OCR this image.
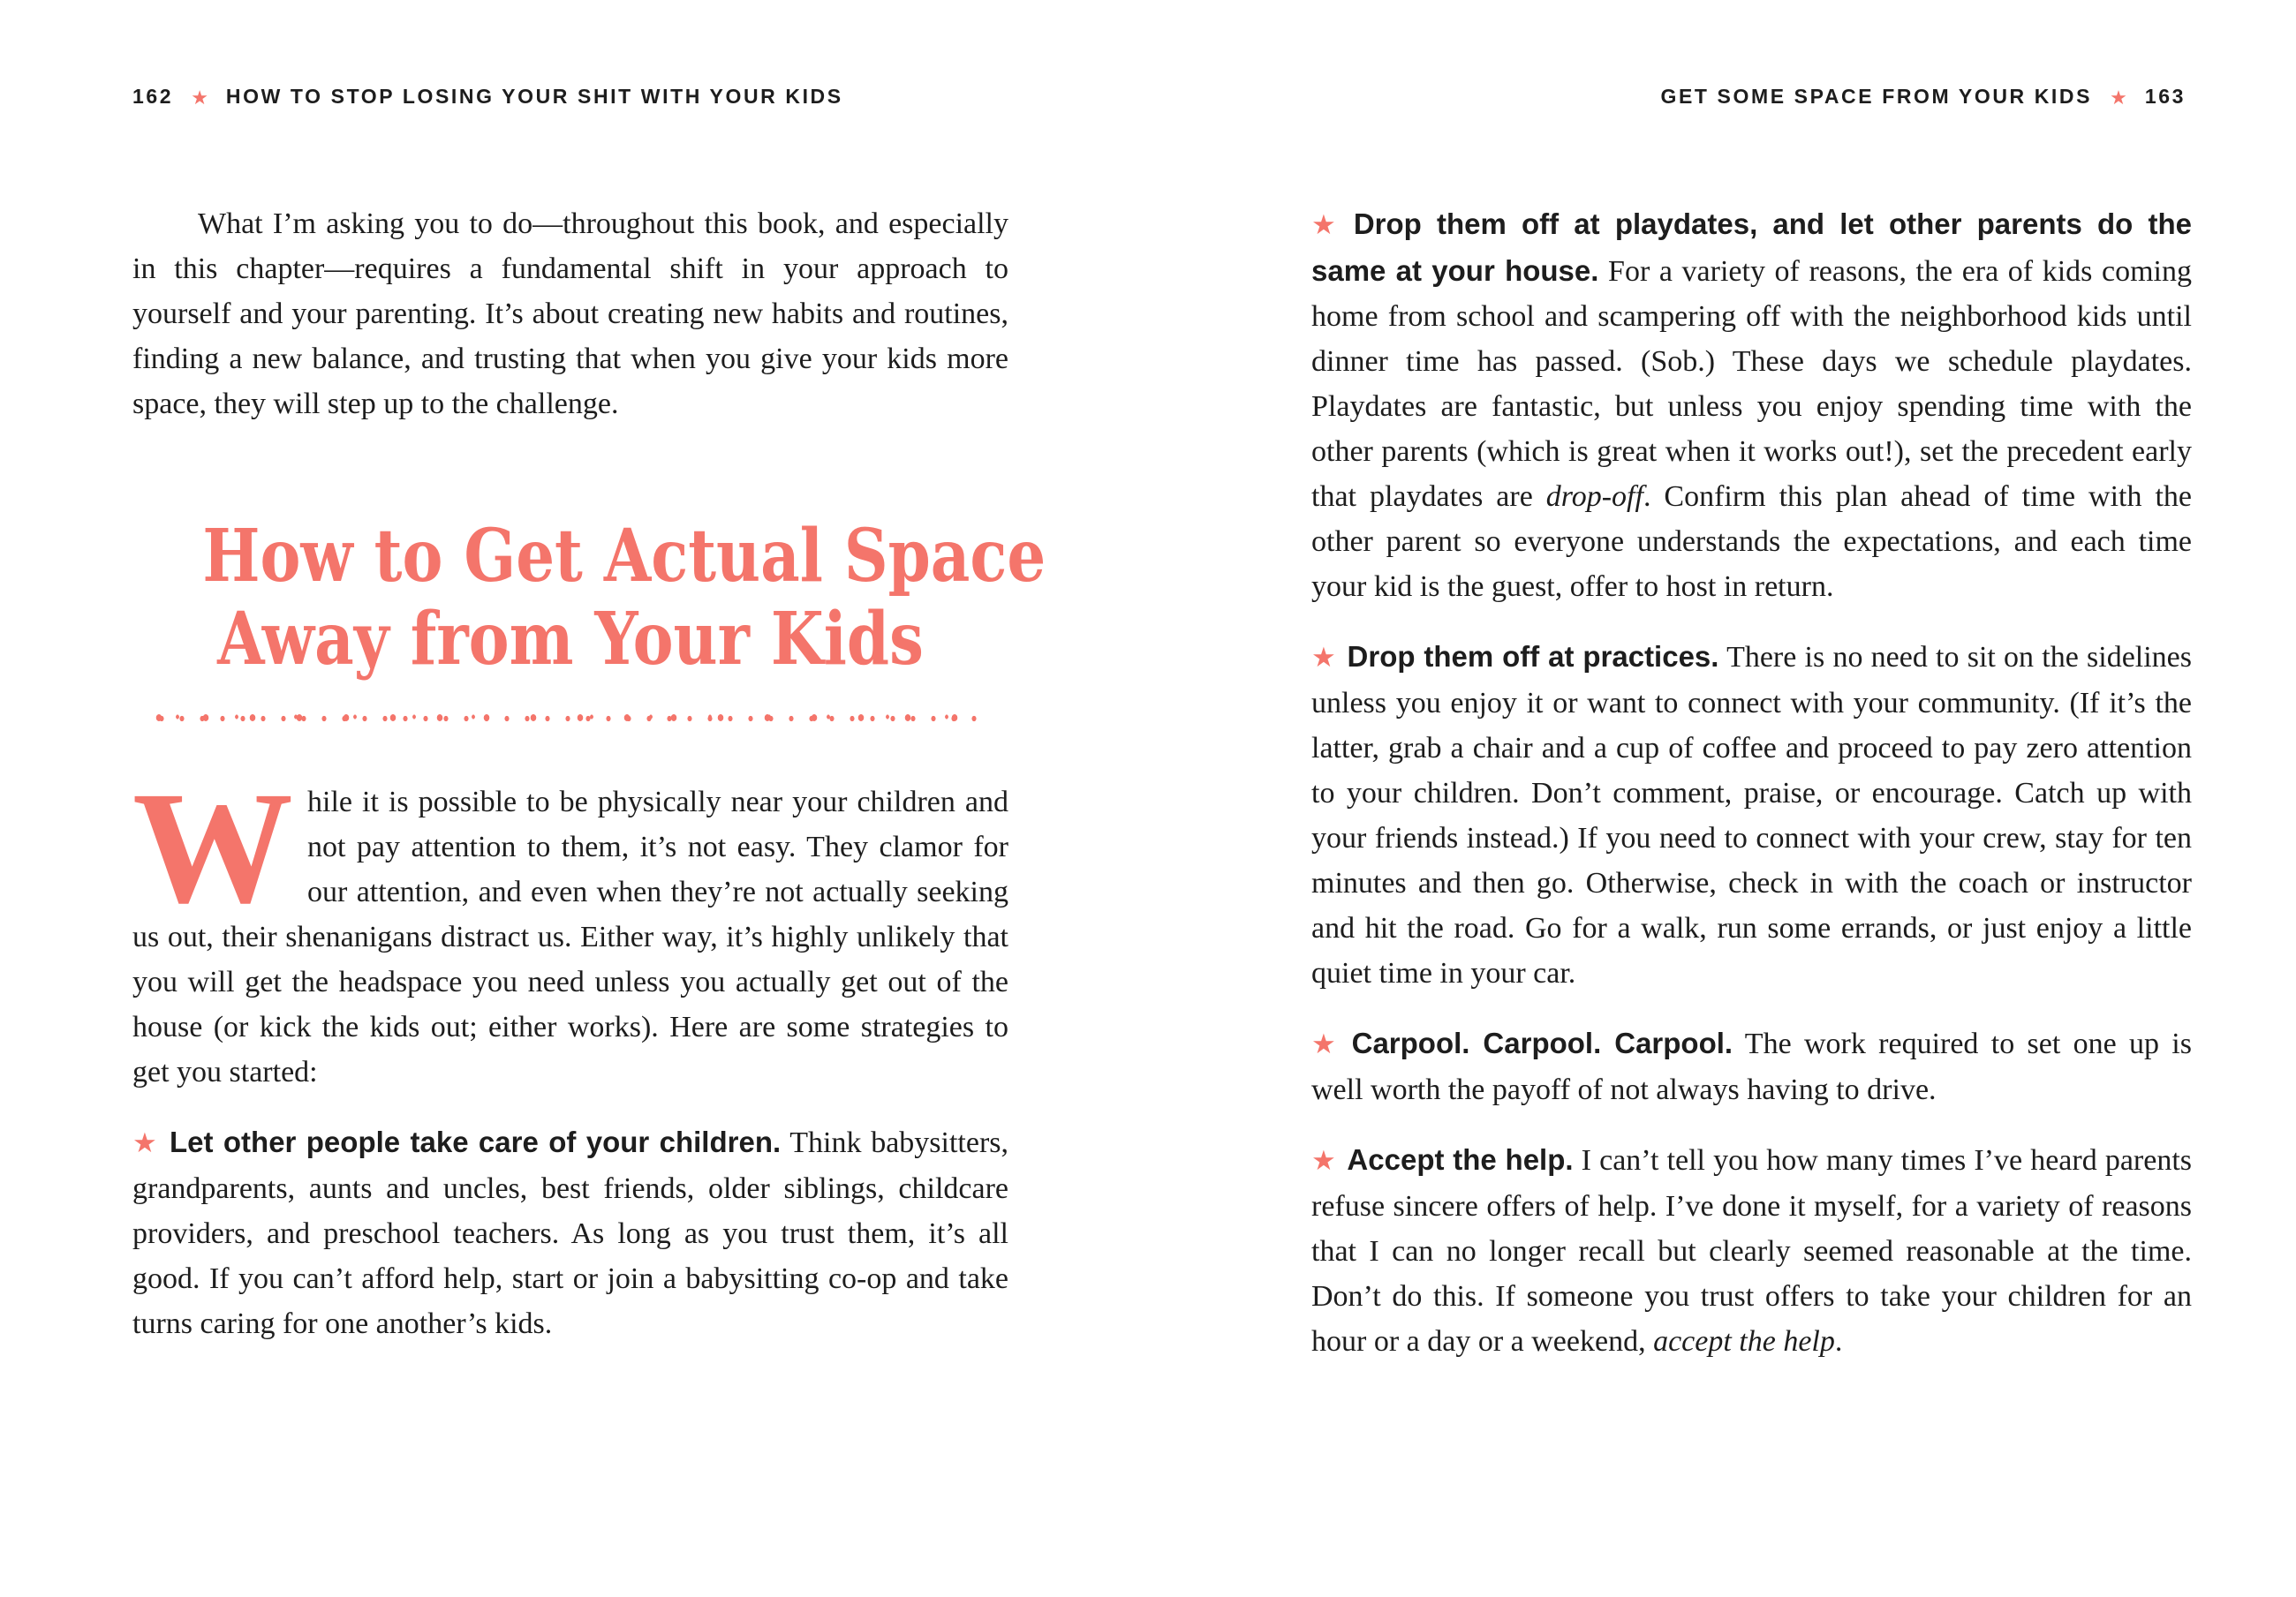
162 ★ HOW TO STOP LOSING YOUR SHIT WITH YOUR KIDS	GET SOME SPACE FROM YOUR KIDS ★ 163

What I’m asking you to do—throughout this book, and especially in this chapter—requires a fundamental shift in your approach to yourself and your parenting. It’s about creating new habits and routines, finding a new balance, and trusting that when you give your kids more space, they will step up to the challenge.

How to Get Actual Space
Away from Your Kids

While it is possible to be physically near your children and not pay attention to them, it’s not easy. They clamor for our attention, and even when they’re not actually seeking us out, their shenanigans distract us. Either way, it’s highly unlikely that you will get the headspace you need unless you actually get out of the house (or kick the kids out; either works). Here are some strategies to get you started:

★ Let other people take care of your children. Think babysitters, grandparents, aunts and uncles, best friends, older siblings, childcare providers, and preschool teachers. As long as you trust them, it’s all good. If you can’t afford help, start or join a babysitting co-op and take turns caring for one another’s kids.

★ Drop them off at playdates, and let other parents do the same at your house. For a variety of reasons, the era of kids coming home from school and scampering off with the neighborhood kids until dinner time has passed. (Sob.) These days we schedule playdates. Playdates are fantastic, but unless you enjoy spending time with the other parents (which is great when it works out!), set the precedent early that playdates are drop-off. Confirm this plan ahead of time with the other parent so everyone understands the expectations, and each time your kid is the guest, offer to host in return.

★ Drop them off at practices. There is no need to sit on the sidelines unless you enjoy it or want to connect with your community. (If it’s the latter, grab a chair and a cup of coffee and proceed to pay zero attention to your children. Don’t comment, praise, or encourage. Catch up with your friends instead.) If you need to connect with your crew, stay for ten minutes and then go. Otherwise, check in with the coach or instructor and hit the road. Go for a walk, run some errands, or just enjoy a little quiet time in your car.

★ Carpool. Carpool. Carpool. The work required to set one up is well worth the payoff of not always having to drive.

★ Accept the help. I can’t tell you how many times I’ve heard parents refuse sincere offers of help. I’ve done it myself, for a variety of reasons that I can no longer recall but clearly seemed reasonable at the time. Don’t do this. If someone you trust offers to take your children for an hour or a day or a weekend, accept the help.
